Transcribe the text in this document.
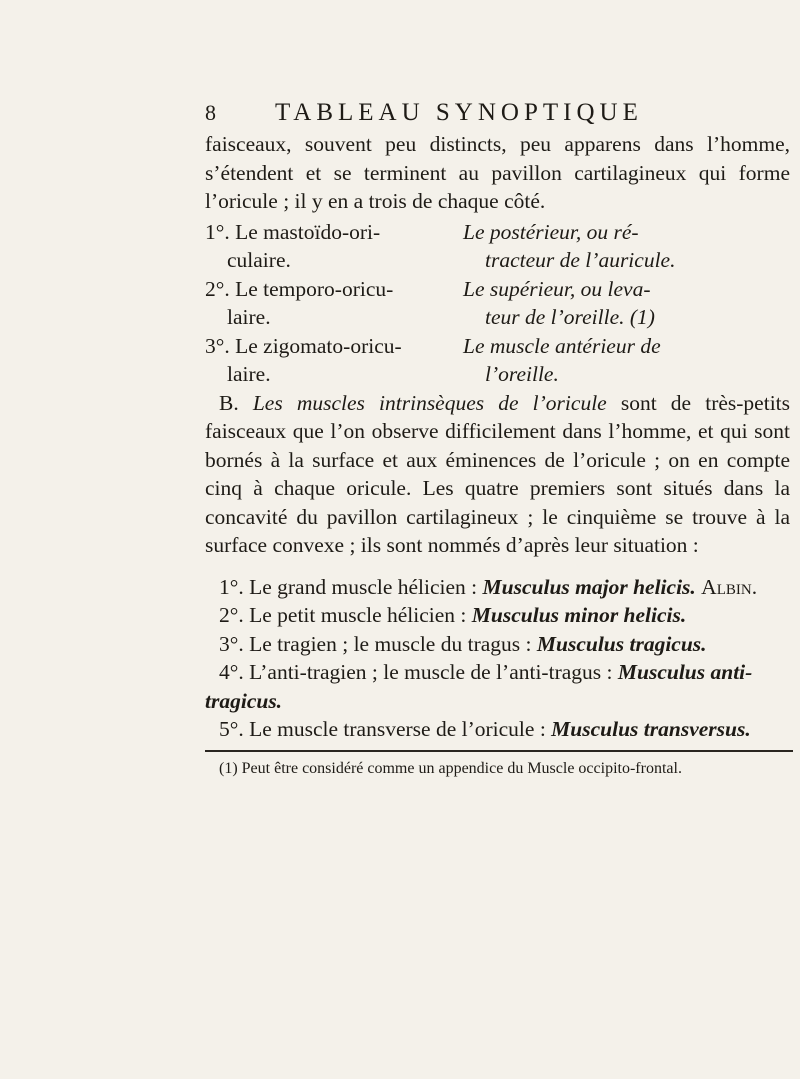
8	TABLEAU SYNOPTIQUE

faisceaux, souvent peu distincts, peu apparens dans l’homme, s’étendent et se terminent au pavillon cartilagineux qui forme l’oricule ; il y en a trois de chaque côté.

1°. Le mastoïdo-ori-
culaire.
Le postérieur, ou ré-
tracteur de l’auricule.
2°. Le temporo-oricu-
laire.
Le supérieur, ou leva-
teur de l’oreille. (1)
3°. Le zigomato-oricu-
laire.
Le muscle antérieur de
l’oreille.

B. Les muscles intrinsèques de l’oricule sont de très-petits faisceaux que l’on observe difficilement dans l’homme, et qui sont bornés à la surface et aux éminences de l’oricule ; on en compte cinq à chaque oricule. Les quatre premiers sont situés dans la concavité du pavillon cartilagineux ; le cinquième se trouve à la surface convexe ; ils sont nommés d’après leur situation :

1°. Le grand muscle hélicien : Musculus major helicis. Albin.

2°. Le petit muscle hélicien : Musculus minor helicis.

3°. Le tragien ; le muscle du tragus : Musculus tragicus.

4°. L’anti-tragien ; le muscle de l’anti-tragus : Musculus anti-tragicus.

5°. Le muscle transverse de l’oricule : Musculus transversus.

(1) Peut être considéré comme un appendice du Muscle occipito-frontal.
